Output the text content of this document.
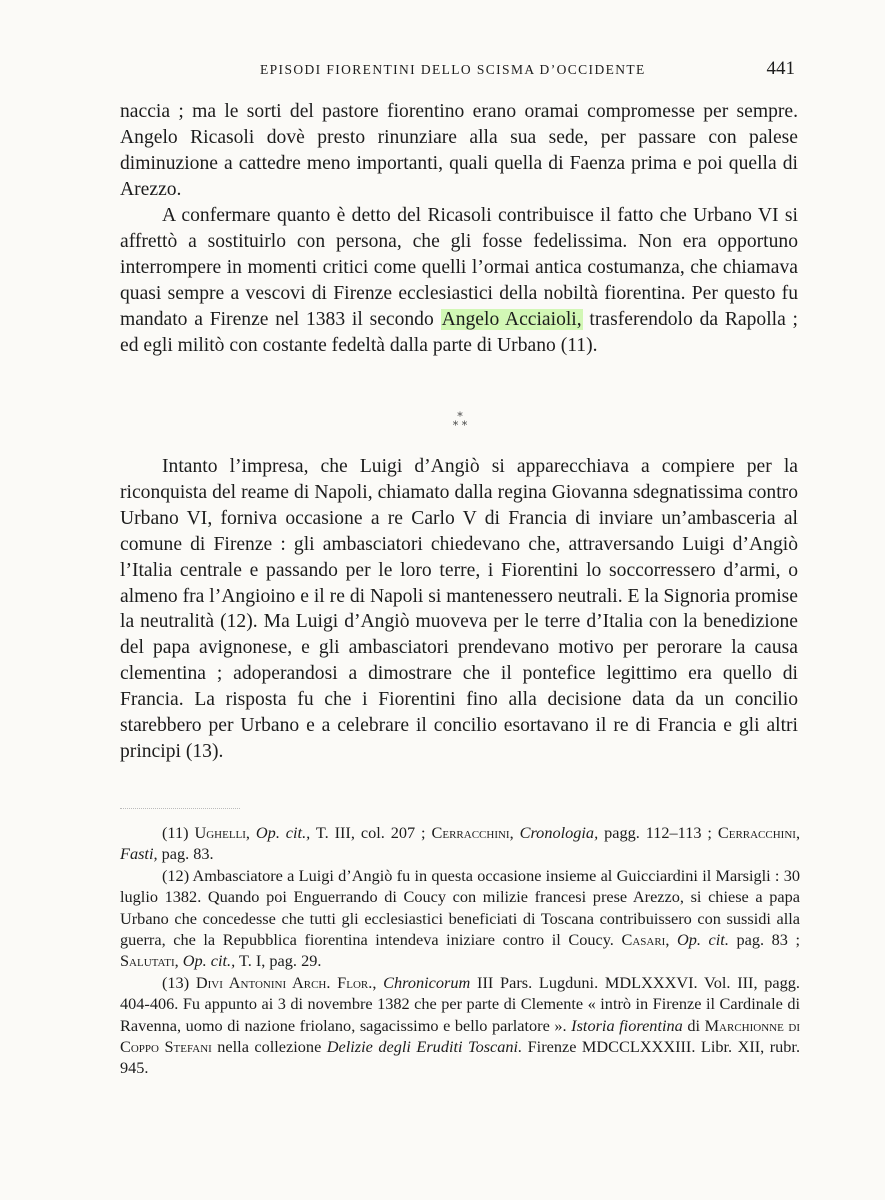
EPISODI FIORENTINI DELLO SCISMA D’OCCIDENTE	441
naccia ; ma le sorti del pastore fiorentino erano oramai compromesse per sempre. Angelo Ricasoli dovè presto rinunziare alla sua sede, per passare con palese diminuzione a cattedre meno importanti, quali quella di Faenza prima e poi quella di Arezzo.
A confermare quanto è detto del Ricasoli contribuisce il fatto che Urbano VI si affrettò a sostituirlo con persona, che gli fosse fedelissima. Non era opportuno interrompere in momenti critici come quelli l’ormai antica costumanza, che chiamava quasi sempre a vescovi di Firenze ecclesiastici della nobiltà fiorentina. Per questo fu mandato a Firenze nel 1383 il secondo Angelo Acciaioli, trasferendolo da Rapolla ; ed egli militò con costante fedeltà dalla parte di Urbano (11).
*
* *
Intanto l’impresa, che Luigi d’Angiò si apparecchiava a compiere per la riconquista del reame di Napoli, chiamato dalla regina Giovanna sdegnatissima contro Urbano VI, forniva occasione a re Carlo V di Francia di inviare un’ambasceria al comune di Firenze : gli ambasciatori chiedevano che, attraversando Luigi d’Angiò l’Italia centrale e passando per le loro terre, i Fiorentini lo soccorressero d’armi, o almeno fra l’Angioino e il re di Napoli si mantenessero neutrali. E la Signoria promise la neutralità (12). Ma Luigi d’Angiò muoveva per le terre d’Italia con la benedizione del papa avignonese, e gli ambasciatori prendevano motivo per perorare la causa clementina ; adoperandosi a dimostrare che il pontefice legittimo era quello di Francia. La risposta fu che i Fiorentini fino alla decisione data da un concilio starebbero per Urbano e a celebrare il concilio esortavano il re di Francia e gli altri principi (13).

(11) Ughelli, Op. cit., T. III, col. 207 ; Cerracchini, Cronologia, pagg. 112–113 ; Cerracchini, Fasti, pag. 83.

(12) Ambasciatore a Luigi d’Angiò fu in questa occasione insieme al Guicciardini il Marsigli : 30 luglio 1382. Quando poi Enguerrando di Coucy con milizie francesi prese Arezzo, si chiese a papa Urbano che concedesse che tutti gli ecclesiastici beneficiati di Toscana contribuissero con sussidi alla guerra, che la Repubblica fiorentina intendeva iniziare contro il Coucy. Casari, Op. cit. pag. 83 ; Salutati, Op. cit., T. I, pag. 29.

(13) Divi Antonini Arch. Flor., Chronicorum III Pars. Lugduni. MDLXXXVI. Vol. III, pagg. 404-406. Fu appunto ai 3 di novembre 1382 che per parte di Clemente « intrò in Firenze il Cardinale di Ravenna, uomo di nazione friolano, sagacissimo e bello parlatore ». Istoria fiorentina di Marchionne di Coppo Stefani nella collezione Delizie degli Eruditi Toscani. Firenze MDCCLXXXIII. Libr. XII, rubr. 945.
